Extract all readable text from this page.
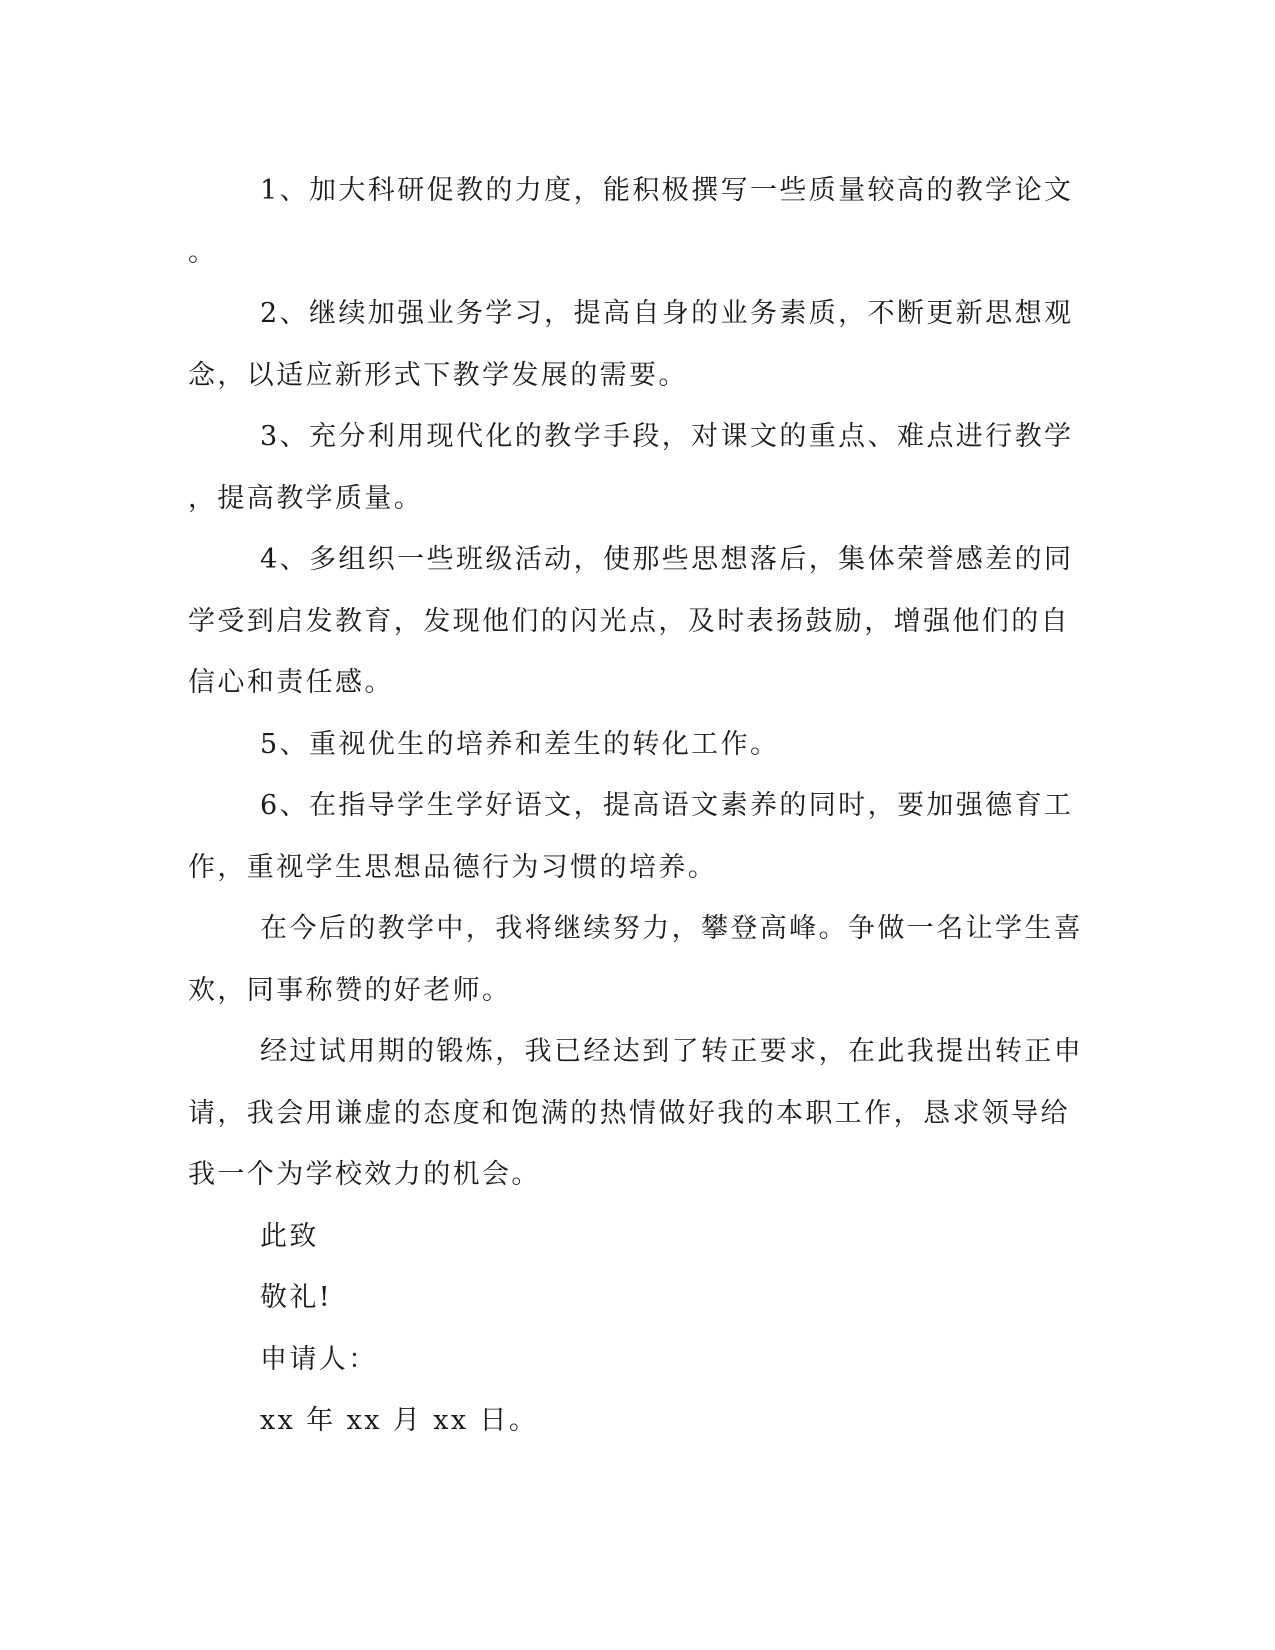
1、加大科研促教的力度，能积极撰写一些质量较高的教学论文
。

2、继续加强业务学习，提高自身的业务素质，不断更新思想观
念，以适应新形式下教学发展的需要。

3、充分利用现代化的教学手段，对课文的重点、难点进行教学
，提高教学质量。

4、多组织一些班级活动，使那些思想落后，集体荣誉感差的同
学受到启发教育，发现他们的闪光点，及时表扬鼓励，增强他们的自
信心和责任感。

5、重视优生的培养和差生的转化工作。

6、在指导学生学好语文，提高语文素养的同时，要加强德育工
作，重视学生思想品德行为习惯的培养。

在今后的教学中，我将继续努力，攀登高峰。争做一名让学生喜
欢，同事称赞的好老师。

经过试用期的锻炼，我已经达到了转正要求，在此我提出转正申
请，我会用谦虚的态度和饱满的热情做好我的本职工作，恳求领导给
我一个为学校效力的机会。

此致

敬礼!

申请人：

xx 年 xx 月 xx 日。
